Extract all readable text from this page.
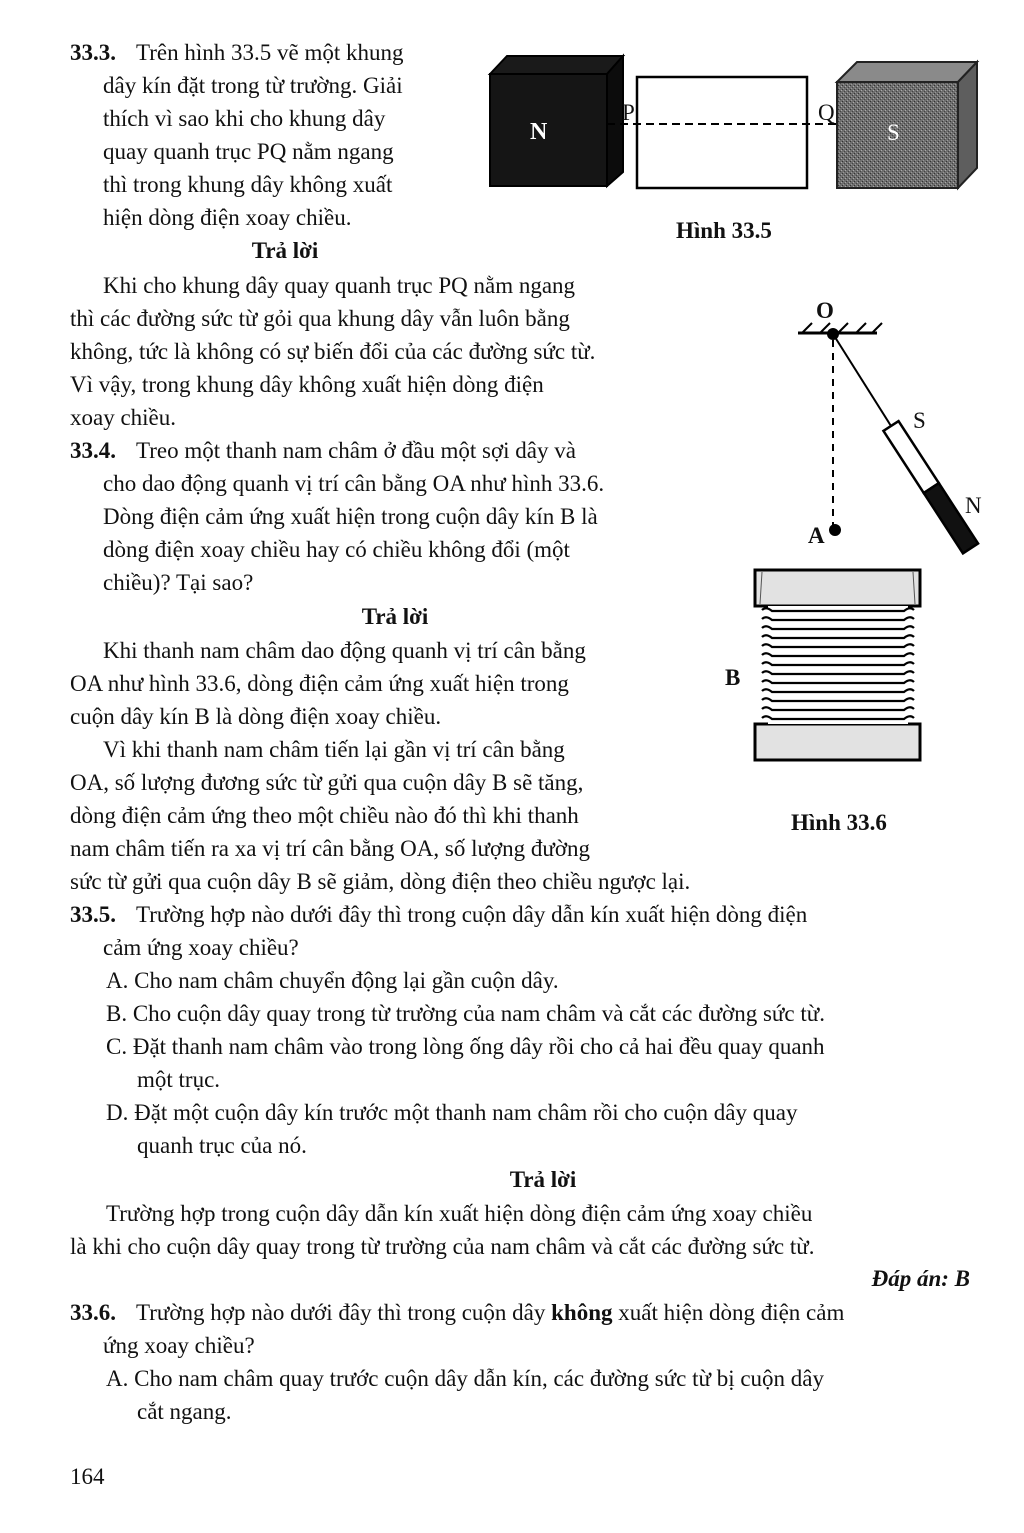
33.3. Trên hình 33.5 vẽ một khung
dây kín đặt trong từ trường. Giải
thích vì sao khi cho khung dây
quay quanh trục PQ nằm ngang
thì trong khung dây không xuất
hiện dòng điện xoay chiều.
Trả lời
Khi cho khung dây quay quanh trục PQ nằm ngang
thì các đường sức từ gỏi qua khung dây vẫn luôn bằng
không, tức là không có sự biến đổi của các đường sức từ.
Vì vậy, trong khung dây không xuất hiện dòng điện
xoay chiều.
N	S
P	Q
Hình 33.5
33.4. Treo một thanh nam châm ở đầu một sợi dây và
cho dao động quanh vị trí cân bằng OA như hình 33.6.
Dòng điện cảm ứng xuất hiện trong cuộn dây kín B là
dòng điện xoay chiều hay có chiều không đổi (một
chiều)? Tại sao?
Trả lời
Khi thanh nam châm dao động quanh vị trí cân bằng
OA như hình 33.6, dòng điện cảm ứng xuất hiện trong
cuộn dây kín B là dòng điện xoay chiều.
Vì khi thanh nam châm tiến lại gần vị trí cân bằng
OA, số lượng đương sức từ gửi qua cuộn dây B sẽ tăng,
dòng điện cảm ứng theo một chiều nào đó thì khi thanh
nam châm tiến ra xa vị trí cân bằng OA, số lượng đường
sức từ gửi qua cuộn dây B sẽ giảm, dòng điện theo chiều ngược lại.
O
A
S
N
B
Hình 33.6
33.5. Trường hợp nào dưới đây thì trong cuộn dây dẫn kín xuất hiện dòng điện
cảm ứng xoay chiều?
A. Cho nam châm chuyển động lại gần cuộn dây.
B. Cho cuộn dây quay trong từ trường của nam châm và cắt các đường sức từ.
C. Đặt thanh nam châm vào trong lòng ống dây rồi cho cả hai đều quay quanh
một trục.
D. Đặt một cuộn dây kín trước một thanh nam châm rồi cho cuộn dây quay
quanh trục của nó.
Trả lời
Trường hợp trong cuộn dây dẫn kín xuất hiện dòng điện cảm ứng xoay chiều
là khi cho cuộn dây quay trong từ trường của nam châm và cắt các đường sức từ.
Đáp án: B
33.6. Trường hợp nào dưới đây thì trong cuộn dây không xuất hiện dòng điện cảm
ứng xoay chiều?
A. Cho nam châm quay trước cuộn dây dẫn kín, các đường sức từ bị cuộn dây
cắt ngang.
164
